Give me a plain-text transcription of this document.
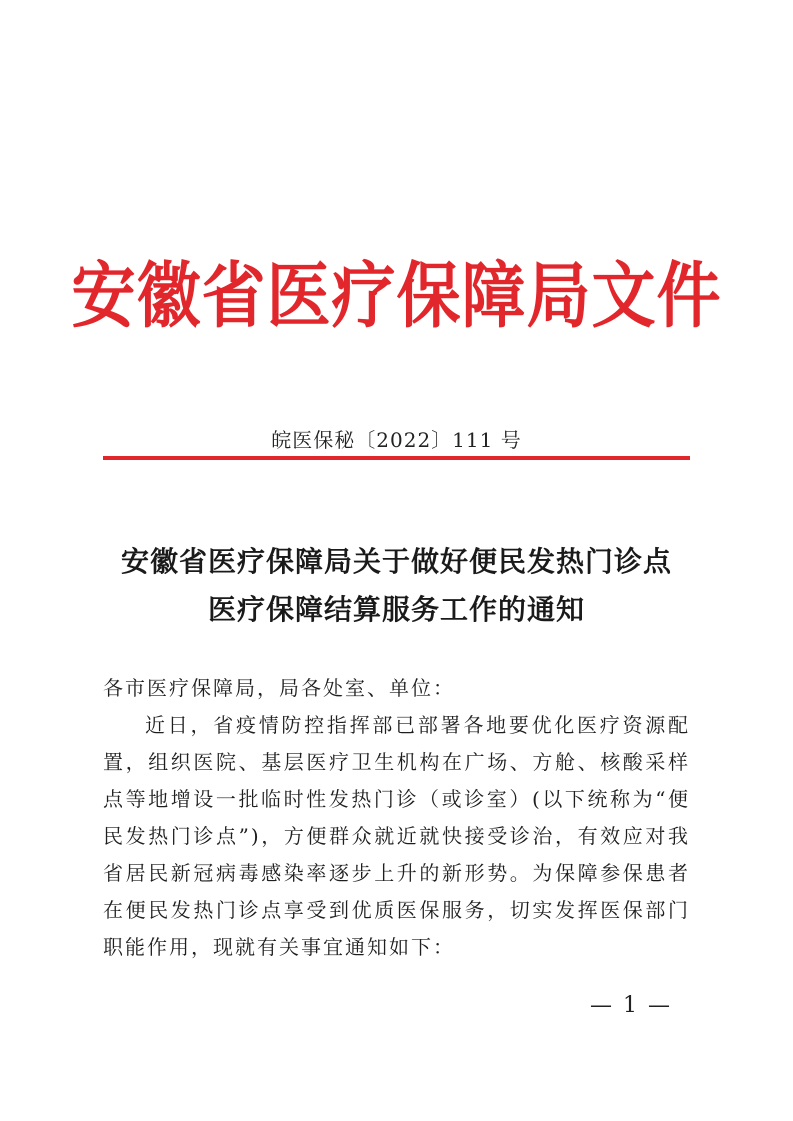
安徽省医疗保障局文件
皖医保秘〔2022〕111 号
安徽省医疗保障局关于做好便民发热门诊点
医疗保障结算服务工作的通知
各市医疗保障局，局各处室、单位：
近日，省疫情防控指挥部已部署各地要优化医疗资源配置，组织医院、基层医疗卫生机构在广场、方舱、核酸采样点等地增设一批临时性发热门诊（或诊室）(以下统称为“便民发热门诊点”)，方便群众就近就快接受诊治，有效应对我省居民新冠病毒感染率逐步上升的新形势。为保障参保患者在便民发热门诊点享受到优质医保服务，切实发挥医保部门职能作用，现就有关事宜通知如下：
— 1 —
